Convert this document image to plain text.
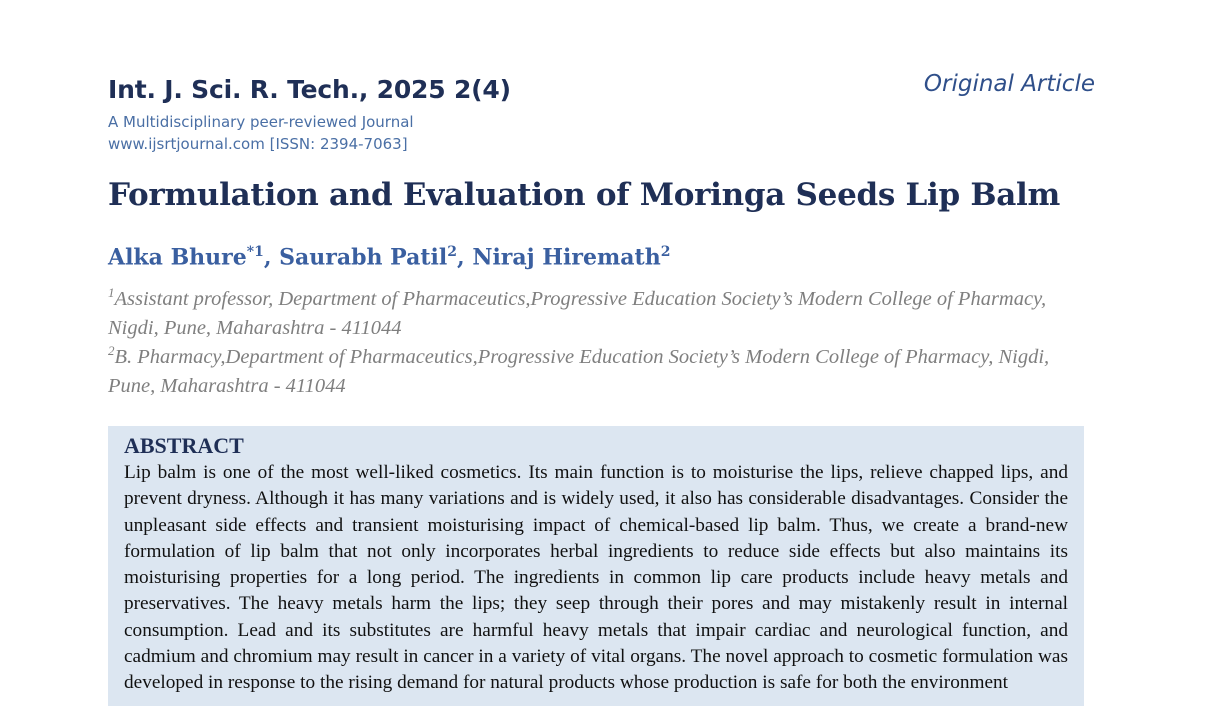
Int. J. Sci. R. Tech., 2025 2(4)	Original Article
A Multidisciplinary peer-reviewed Journal
www.ijsrtjournal.com [ISSN: 2394-7063]
Formulation and Evaluation of Moringa Seeds Lip Balm
Alka Bhure$^{*1}$, Saurabh Patil$^2$, Niraj Hiremath$^2$

$^1$Assistant professor, Department of Pharmaceutics,Progressive Education Society’s Modern College of Pharmacy, Nigdi, Pune, Maharashtra - 411044

$^2$B. Pharmacy,Department of Pharmaceutics,Progressive Education Society’s Modern College of Pharmacy, Nigdi, Pune, Maharashtra - 411044

ABSTRACT

Lip balm is one of the most well-liked cosmetics. Its main function is to moisturise the lips, relieve chapped lips, and prevent dryness. Although it has many variations and is widely used, it also has considerable disadvantages. Consider the unpleasant side effects and transient moisturising impact of chemical-based lip balm. Thus, we create a brand-new formulation of lip balm that not only incorporates herbal ingredients to reduce side effects but also maintains its moisturising properties for a long period. The ingredients in common lip care products include heavy metals and preservatives. The heavy metals harm the lips; they seep through their pores and may mistakenly result in internal consumption. Lead and its substitutes are harmful heavy metals that impair cardiac and neurological function, and cadmium and chromium may result in cancer in a variety of vital organs. The novel approach to cosmetic formulation was developed in response to the rising demand for natural products whose production is safe for both the environment
